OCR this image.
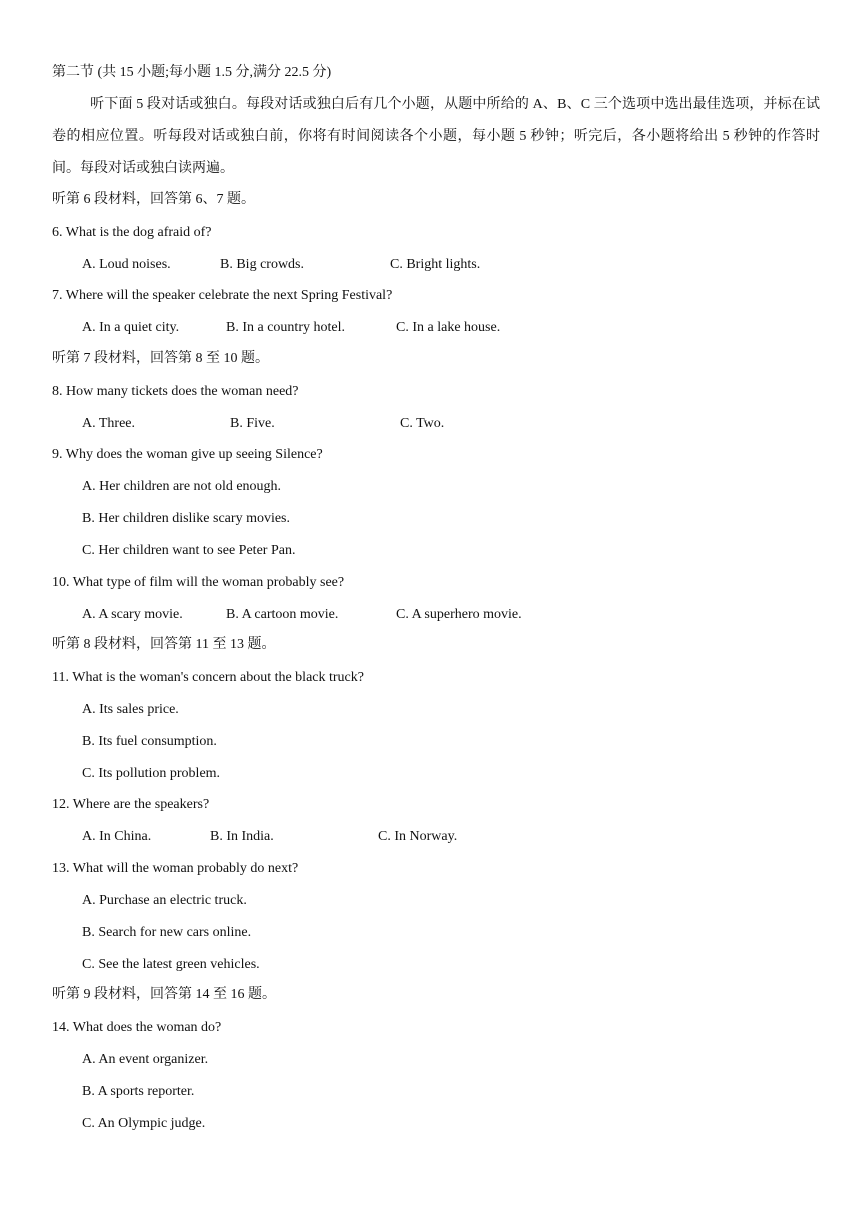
第二节 (共 15 小题;每小题 1.5 分,满分 22.5 分)
听下面 5 段对话或独白。每段对话或独白后有几个小题，从题中所给的 A、B、C 三个选项中选出最佳选项，并标在试卷的相应位置。听每段对话或独白前，你将有时间阅读各个小题，每小题 5 秒钟；听完后，各小题将给出 5 秒钟的作答时间。每段对话或独白读两遍。
听第 6 段材料，回答第 6、7 题。
6. What is the dog afraid of?
A. Loud noises.	B. Big crowds.	C. Bright lights.
7. Where will the speaker celebrate the next Spring Festival?
A. In a quiet city.	B. In a country hotel.	C. In a lake house.
听第 7 段材料，回答第 8 至 10 题。
8. How many tickets does the woman need?
A. Three.	B. Five.	C. Two.
9. Why does the woman give up seeing Silence?
A. Her children are not old enough.
B. Her children dislike scary movies.
C. Her children want to see Peter Pan.
10. What type of film will the woman probably see?
A. A scary movie.	B. A cartoon movie.	C. A superhero movie.
听第 8 段材料，回答第 11 至 13 题。
11. What is the woman's concern about the black truck?
A. Its sales price.
B. Its fuel consumption.
C. Its pollution problem.
12. Where are the speakers?
A. In China.	B. In India.	C. In Norway.
13. What will the woman probably do next?
A. Purchase an electric truck.
B. Search for new cars online.
C. See the latest green vehicles.
听第 9 段材料，回答第 14 至 16 题。
14. What does the woman do?
A. An event organizer.
B. A sports reporter.
C. An Olympic judge.
